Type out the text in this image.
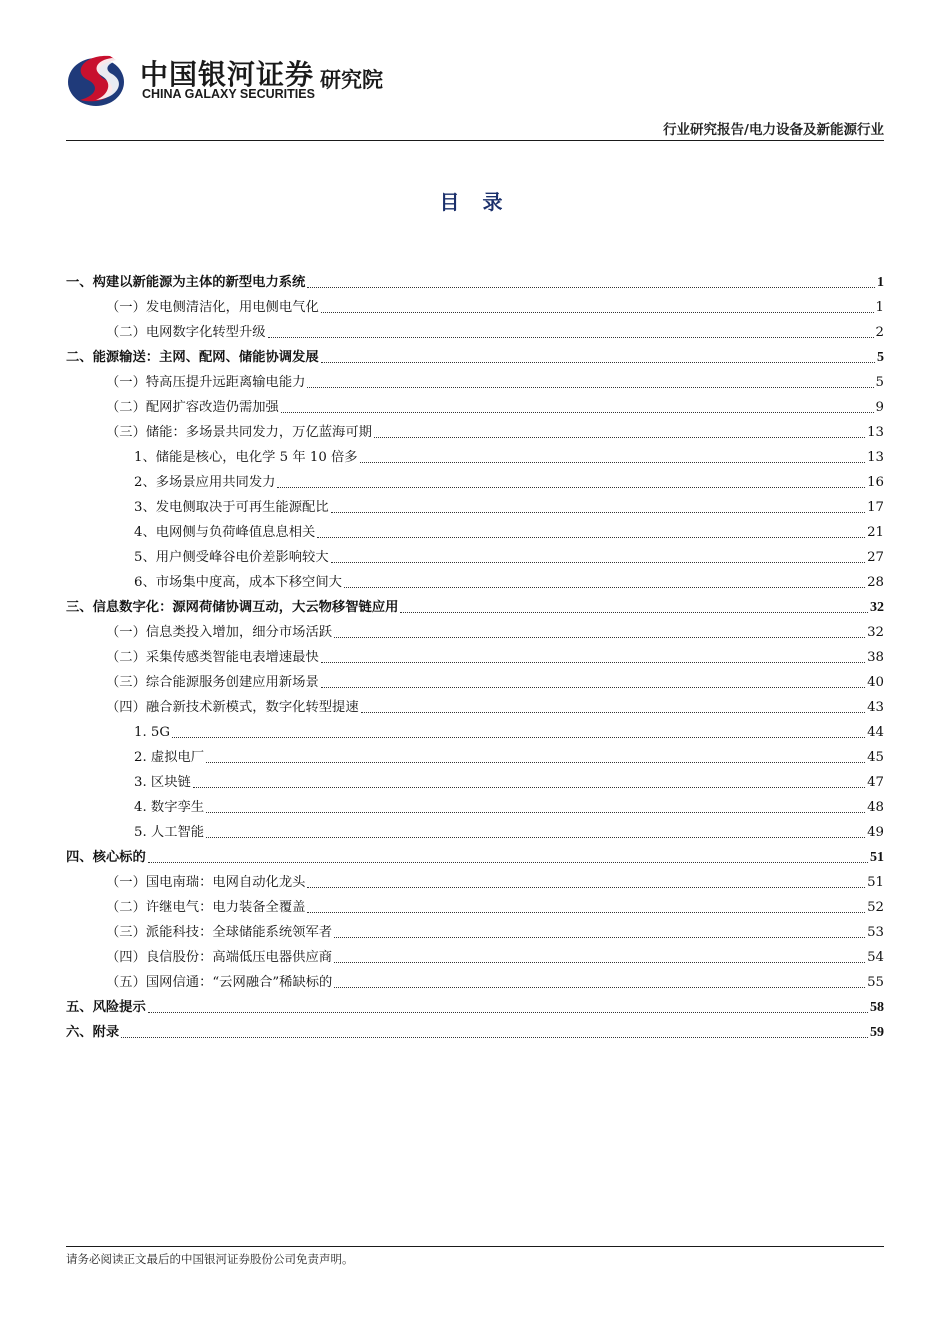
中国银河证券
CHINA GALAXY SECURITIES
研究院
行业研究报告/电力设备及新能源行业
目 录
一、构建以新能源为主体的新型电力系统	1
（一）发电侧清洁化，用电侧电气化	1
（二）电网数字化转型升级	2
二、能源输送：主网、配网、储能协调发展	5
（一）特高压提升远距离输电能力	5
（二）配网扩容改造仍需加强	9
（三）储能：多场景共同发力，万亿蓝海可期	13
1、储能是核心，电化学 5 年 10 倍多	13
2、多场景应用共同发力	16
3、发电侧取决于可再生能源配比	17
4、电网侧与负荷峰值息息相关	21
5、用户侧受峰谷电价差影响较大	27
6、市场集中度高，成本下移空间大	28
三、信息数字化：源网荷储协调互动，大云物移智链应用	32
（一）信息类投入增加，细分市场活跃	32
（二）采集传感类智能电表增速最快	38
（三）综合能源服务创建应用新场景	40
（四）融合新技术新模式，数字化转型提速	43
1. 5G	44
2. 虚拟电厂	45
3. 区块链	47
4. 数字孪生	48
5. 人工智能	49
四、核心标的	51
（一）国电南瑞：电网自动化龙头	51
（二）许继电气：电力装备全覆盖	52
（三）派能科技：全球储能系统领军者	53
（四）良信股份：高端低压电器供应商	54
（五）国网信通：“云网融合”稀缺标的	55
五、风险提示	58
六、附录	59
请务必阅读正文最后的中国银河证券股份公司免责声明。
